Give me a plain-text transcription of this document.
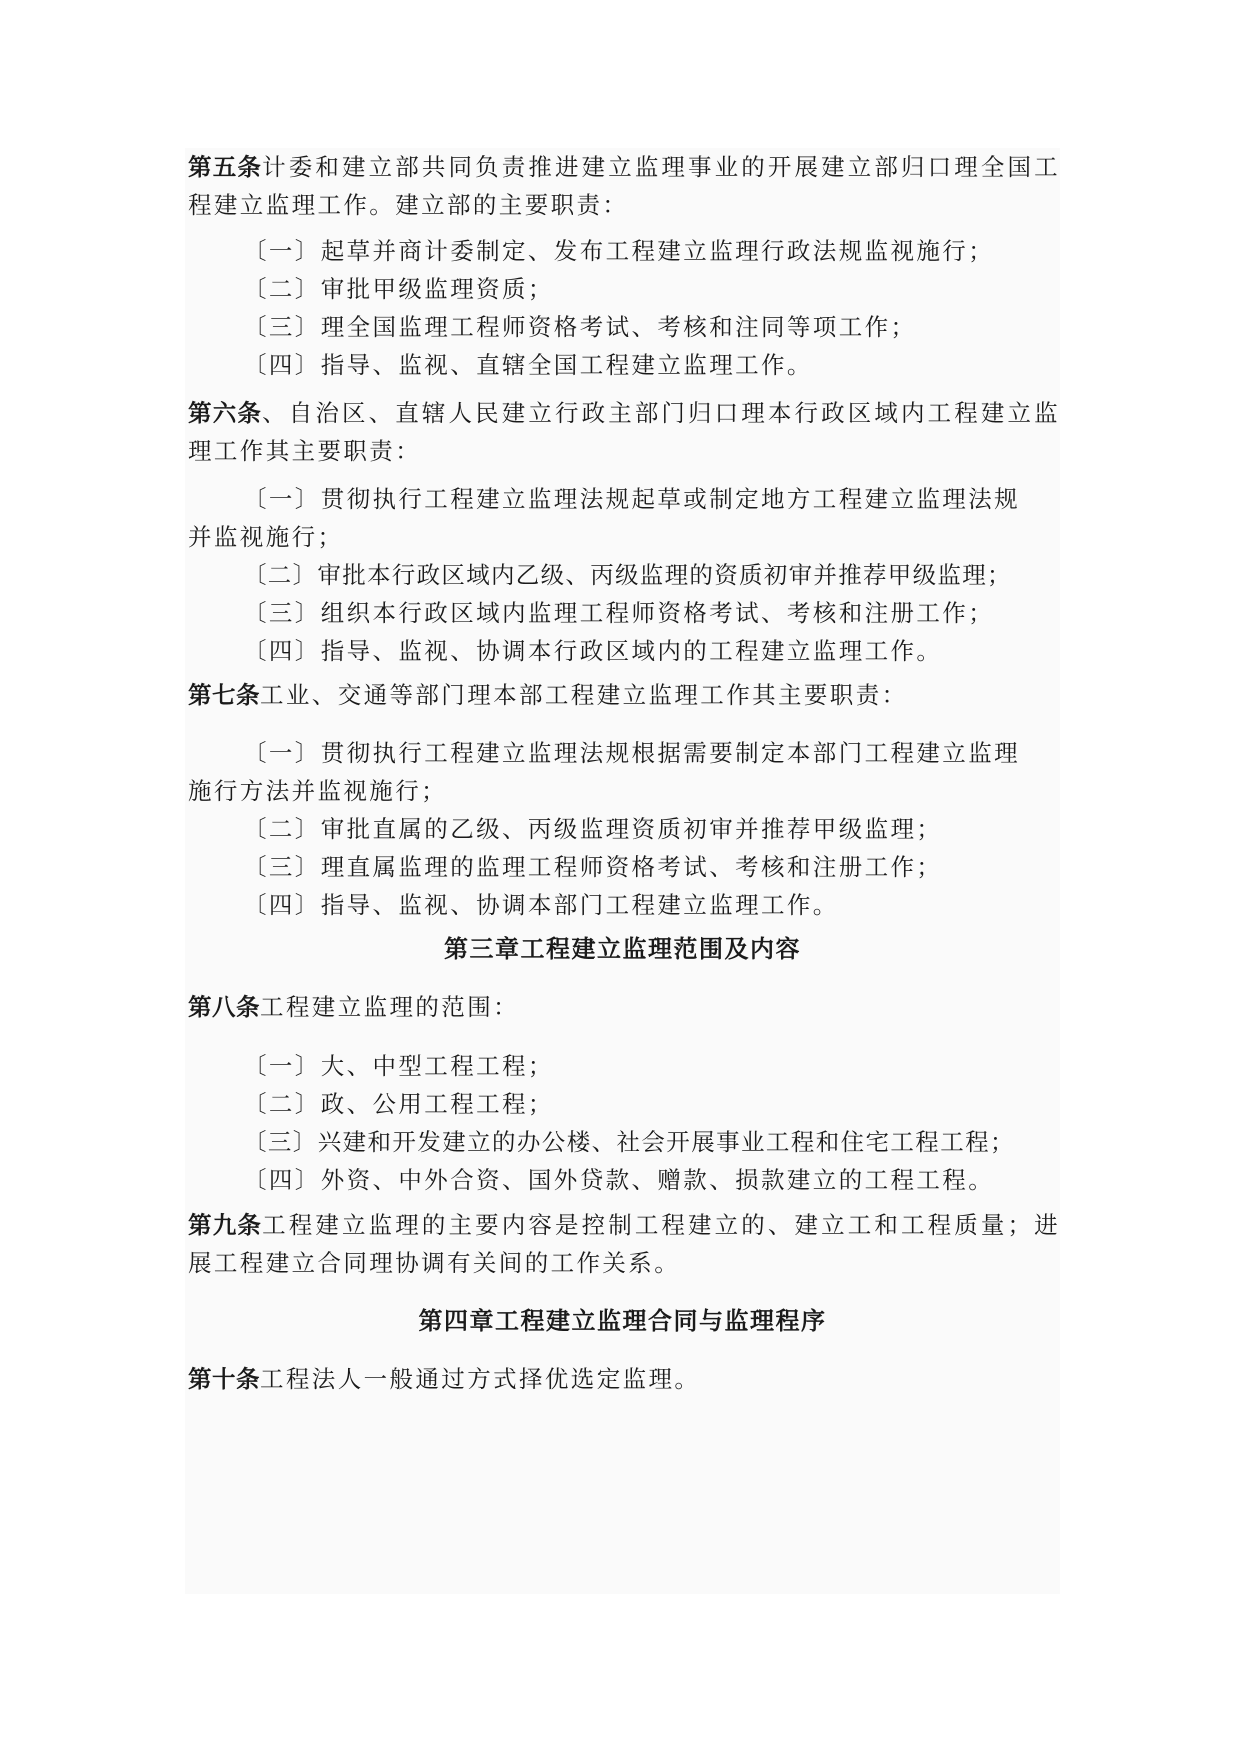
第五条计委和建立部共同负责推进建立监理事业的开展建立部归口理全国工程建立监理工作。建立部的主要职责：

〔一〕起草并商计委制定、发布工程建立监理行政法规监视施行；

〔二〕审批甲级监理资质；

〔三〕理全国监理工程师资格考试、考核和注同等项工作；

〔四〕指导、监视、直辖全国工程建立监理工作。

第六条、自治区、直辖人民建立行政主部门归口理本行政区域内工程建立监理工作其主要职责：

〔一〕贯彻执行工程建立监理法规起草或制定地方工程建立监理法规

并监视施行；

〔二〕审批本行政区域内乙级、丙级监理的资质初审并推荐甲级监理；

〔三〕组织本行政区域内监理工程师资格考试、考核和注册工作；

〔四〕指导、监视、协调本行政区域内的工程建立监理工作。

第七条工业、交通等部门理本部工程建立监理工作其主要职责：

〔一〕贯彻执行工程建立监理法规根据需要制定本部门工程建立监理

施行方法并监视施行；

〔二〕审批直属的乙级、丙级监理资质初审并推荐甲级监理；

〔三〕理直属监理的监理工程师资格考试、考核和注册工作；

〔四〕指导、监视、协调本部门工程建立监理工作。

第三章工程建立监理范围及内容

第八条工程建立监理的范围：

〔一〕大、中型工程工程；

〔二〕政、公用工程工程；

〔三〕兴建和开发建立的办公楼、社会开展事业工程和住宅工程工程；

〔四〕外资、中外合资、国外贷款、赠款、损款建立的工程工程。

第九条工程建立监理的主要内容是控制工程建立的、建立工和工程质量；进展工程建立合同理协调有关间的工作关系。

第四章工程建立监理合同与监理程序

第十条工程法人一般通过方式择优选定监理。
